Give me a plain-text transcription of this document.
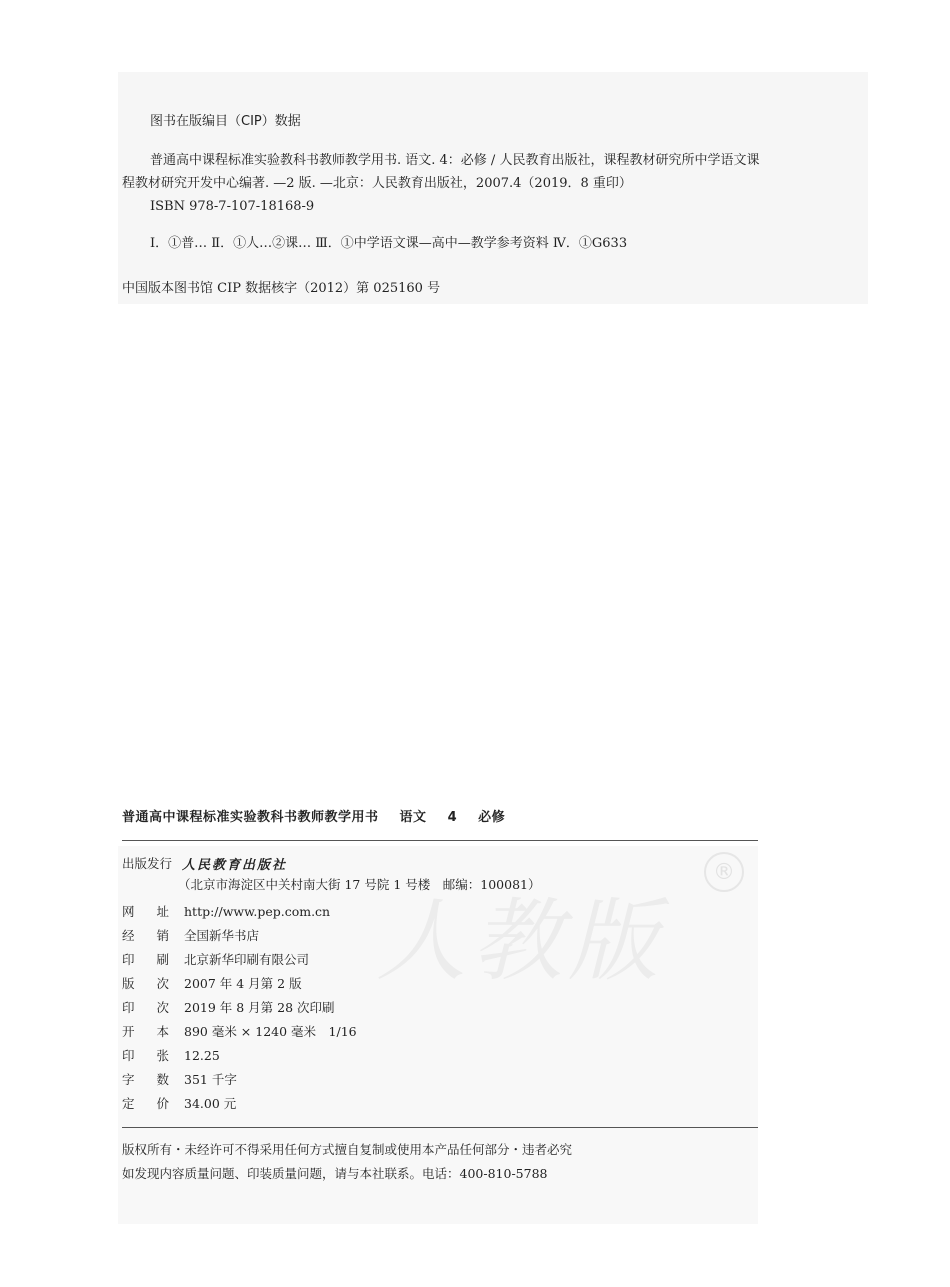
人教版
®
图书在版编目（CIP）数据

普通高中课程标准实验教科书教师教学用书. 语文. 4：必修 / 人民教育出版社，课程教材研究所中学语文课

程教材研究开发中心编著. —2 版. —北京：人民教育出版社，2007.4（2019．8 重印）

ISBN 978-7-107-18168-9
Ⅰ．①普… Ⅱ．①人…②课… Ⅲ．①中学语文课—高中—教学参考资料 Ⅳ．①G633
中国版本图书馆 CIP 数据核字（2012）第 025160 号
普通高中课程标准实验教科书教师教学用书 语文 4 必修
出版发行 人民教育出版社
（北京市海淀区中关村南大街 17 号院 1 号楼　邮编：100081）
网 址	http://www.pep.com.cn
经 销	全国新华书店
印 刷	北京新华印刷有限公司
版 次	2007 年 4 月第 2 版
印 次	2019 年 8 月第 28 次印刷
开 本	890 毫米 × 1240 毫米　1/16
印 张	12.25
字 数	351 千字
定 价	34.00 元
版权所有・未经许可不得采用任何方式擅自复制或使用本产品任何部分・违者必究
如发现内容质量问题、印装质量问题，请与本社联系。电话：400-810-5788
